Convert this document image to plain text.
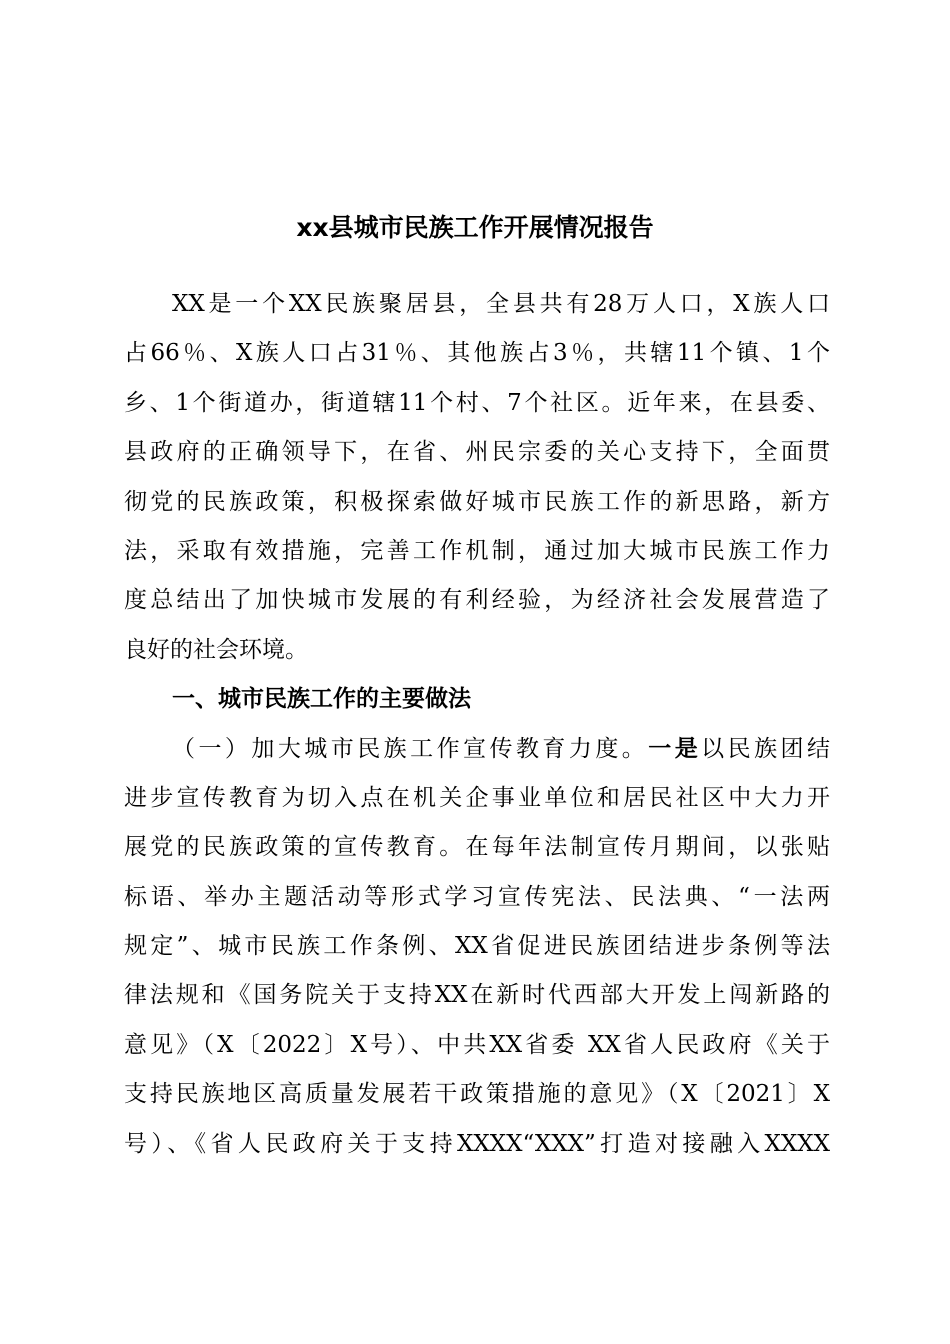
xx县城市民族工作开展情况报告
XX是一个XX民族聚居县，全县共有28万人口，X族人口
占66％、X族人口占31％、其他族占3％，共辖11个镇、1个
乡、1个街道办，街道辖11个村、7个社区。近年来，在县委、
县政府的正确领导下，在省、州民宗委的关心支持下，全面贯
彻党的民族政策，积极探索做好城市民族工作的新思路，新方
法，采取有效措施，完善工作机制，通过加大城市民族工作力
度总结出了加快城市发展的有利经验，为经济社会发展营造了
良好的社会环境。
一、城市民族工作的主要做法
（一）加大城市民族工作宣传教育力度。一是以民族团结
进步宣传教育为切入点在机关企事业单位和居民社区中大力开
展党的民族政策的宣传教育。在每年法制宣传月期间，以张贴
标语、举办主题活动等形式学习宣传宪法、民法典、“一法两
规定”、城市民族工作条例、XX省促进民族团结进步条例等法
律法规和《国务院关于支持XX在新时代西部大开发上闯新路的
意见》（X〔2022〕X号）、中共XX省委 XX省人民政府《关于
支持民族地区高质量发展若干政策措施的意见》（X〔2021〕X
号）、《省人民政府关于支持XXXX“XXX”打造对接融入XXXX
